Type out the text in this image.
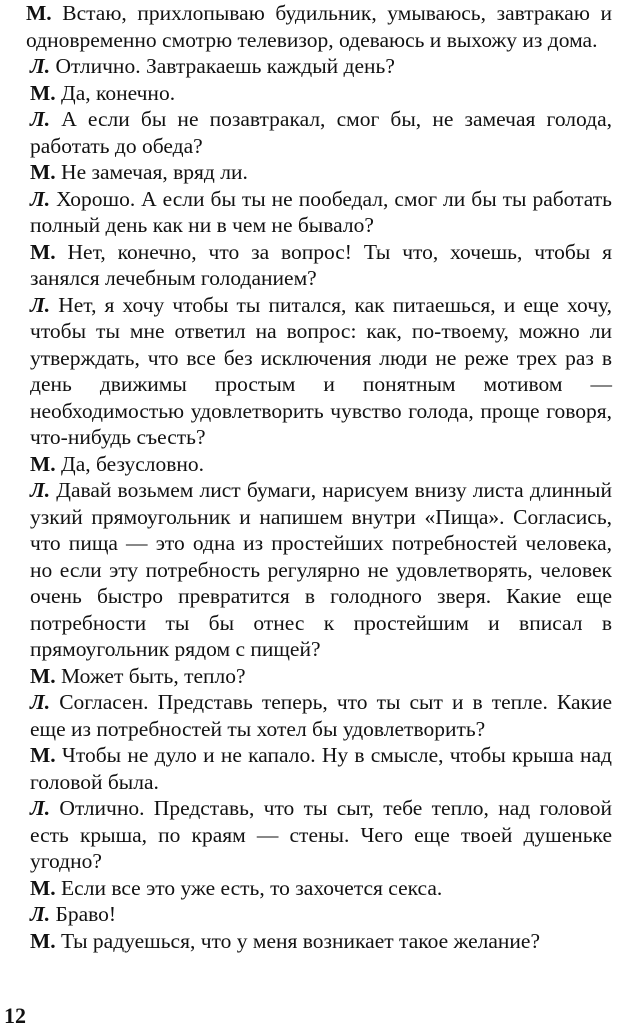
М. Встаю, прихлопываю будильник, умываюсь, завтракаю и одновременно смотрю телевизор, одеваюсь и выхожу из дома.

Л. Отлично. Завтракаешь каждый день?

М. Да, конечно.

Л. А если бы не позавтракал, смог бы, не замечая голода, работать до обеда?

М. Не замечая, вряд ли.

Л. Хорошо. А если бы ты не пообедал, смог ли бы ты работать полный день как ни в чем не бывало?

М. Нет, конечно, что за вопрос! Ты что, хочешь, чтобы я занялся лечебным голоданием?

Л. Нет, я хочу чтобы ты питался, как питаешься, и еще хочу, чтобы ты мне ответил на вопрос: как, по-твоему, можно ли утверждать, что все без исключения люди не реже трех раз в день движимы простым и понятным мотивом — необходимостью удовлетворить чувство голода, проще говоря, что-нибудь съесть?

М. Да, безусловно.

Л. Давай возьмем лист бумаги, нарисуем внизу листа длинный узкий прямоугольник и напишем внутри «Пища». Согласись, что пища — это одна из простейших потребностей человека, но если эту потребность регулярно не удовлетворять, человек очень быстро превратится в голодного зверя. Какие еще потребности ты бы отнес к простейшим и вписал в прямоугольник рядом с пищей?

М. Может быть, тепло?

Л. Согласен. Представь теперь, что ты сыт и в тепле. Какие еще из потребностей ты хотел бы удовлетворить?

М. Чтобы не дуло и не капало. Ну в смысле, чтобы крыша над головой была.

Л. Отлично. Представь, что ты сыт, тебе тепло, над головой есть крыша, по краям — стены. Чего еще твоей душеньке угодно?

М. Если все это уже есть, то захочется секса.

Л. Браво!

М. Ты радуешься, что у меня возникает такое желание?

12
